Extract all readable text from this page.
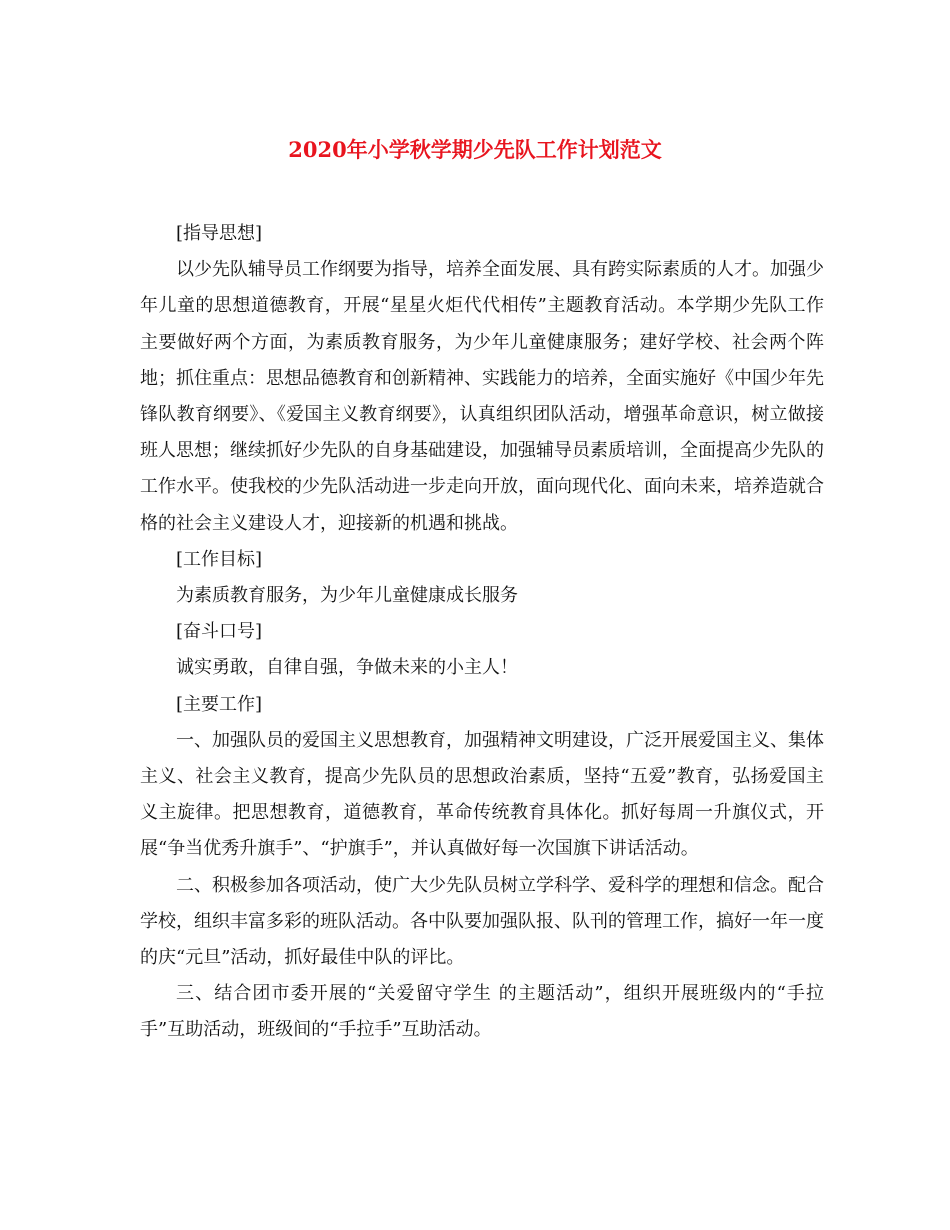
2020年小学秋学期少先队工作计划范文

[指导思想]

以少先队辅导员工作纲要为指导，培养全面发展、具有跨实际素质的人才。加强少年儿童的思想道德教育，开展“星星火炬代代相传”主题教育活动。本学期少先队工作主要做好两个方面，为素质教育服务，为少年儿童健康服务；建好学校、社会两个阵地；抓住重点：思想品德教育和创新精神、实践能力的培养，全面实施好《中国少年先锋队教育纲要》、《爱国主义教育纲要》，认真组织团队活动，增强革命意识，树立做接班人思想；继续抓好少先队的自身基础建设，加强辅导员素质培训，全面提高少先队的工作水平。使我校的少先队活动进一步走向开放，面向现代化、面向未来，培养造就合格的社会主义建设人才，迎接新的机遇和挑战。

[工作目标]

为素质教育服务，为少年儿童健康成长服务

[奋斗口号]

诚实勇敢，自律自强，争做未来的小主人！

[主要工作]

一、加强队员的爱国主义思想教育，加强精神文明建设，广泛开展爱国主义、集体主义、社会主义教育，提高少先队员的思想政治素质，坚持“五爱”教育，弘扬爱国主义主旋律。把思想教育，道德教育，革命传统教育具体化。抓好每周一升旗仪式，开展“争当优秀升旗手”、“护旗手”，并认真做好每一次国旗下讲话活动。

二、积极参加各项活动，使广大少先队员树立学科学、爱科学的理想和信念。配合学校，组织丰富多彩的班队活动。各中队要加强队报、队刊的管理工作，搞好一年一度的庆“元旦”活动，抓好最佳中队的评比。

三、结合团市委开展的“关爱留守学生 的主题活动”，组织开展班级内的“手拉手”互助活动，班级间的“手拉手”互助活动。
